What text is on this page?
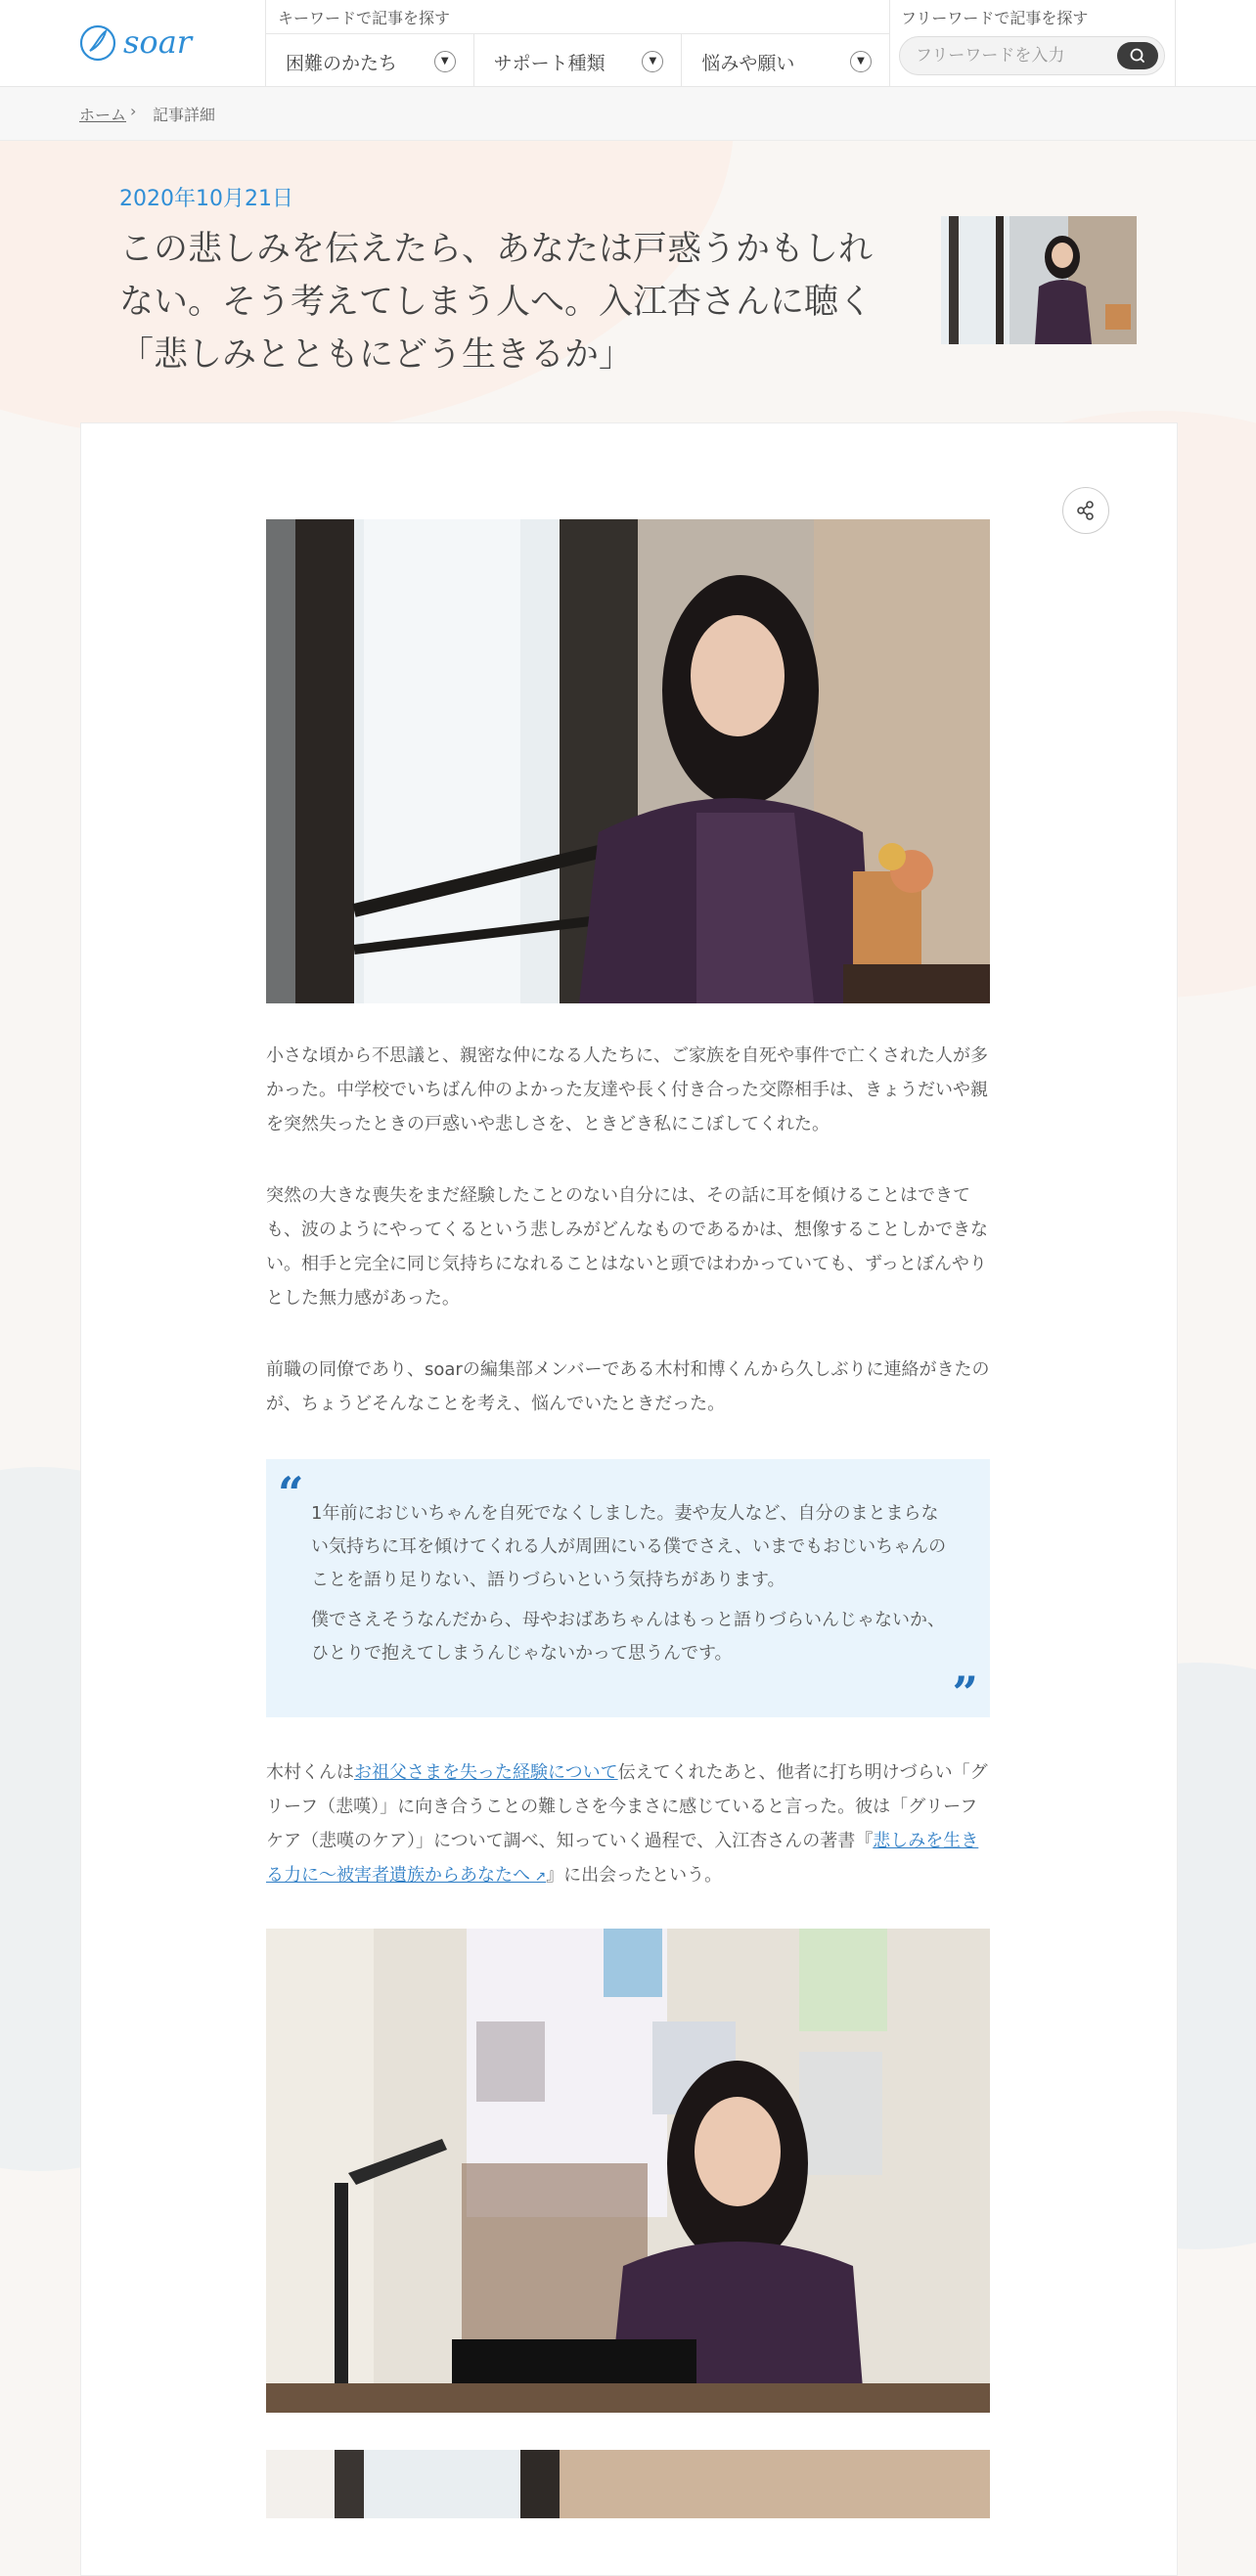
soar
キーワードで記事を探す
困難のかたち	▼	サポート種類	▼	悩みや願い	▼
フリーワードで記事を探す
フリーワードを入力
ホーム › 記事詳細
2020年10月21日
この悲しみを伝えたら、あなたは戸惑うかもしれない。そう考えてしまう人へ。入江杏さんに聴く「悲しみとともにどう生きるか」

小さな頃から不思議と、親密な仲になる人たちに、ご家族を自死や事件で亡くされた人が多かった。中学校でいちばん仲のよかった友達や長く付き合った交際相手は、きょうだいや親を突然失ったときの戸惑いや悲しさを、ときどき私にこぼしてくれた。

突然の大きな喪失をまだ経験したことのない自分には、その話に耳を傾けることはできても、波のようにやってくるという悲しみがどんなものであるかは、想像することしかできない。相手と完全に同じ気持ちになれることはないと頭ではわかっていても、ずっとぼんやりとした無力感があった。

前職の同僚であり、soarの編集部メンバーである木村和博くんから久しぶりに連絡がきたのが、ちょうどそんなことを考え、悩んでいたときだった。

“ 1年前におじいちゃんを自死でなくしました。妻や友人など、自分のまとまらない気持ちに耳を傾けてくれる人が周囲にいる僕でさえ、いまでもおじいちゃんのことを語り足りない、語りづらいという気持ちがあります。

僕でさえそうなんだから、母やおばあちゃんはもっと語りづらいんじゃないか、ひとりで抱えてしまうんじゃないかって思うんです。

”

木村くんはお祖父さまを失った経験について伝えてくれたあと、他者に打ち明けづらい「グリーフ（悲嘆）」に向き合うことの難しさを今まさに感じていると言った。彼は「グリーフケア（悲嘆のケア）」について調べ、知っていく過程で、入江杏さんの著書『悲しみを生きる力に～被害者遺族からあなたへ ↗』に出会ったという。
